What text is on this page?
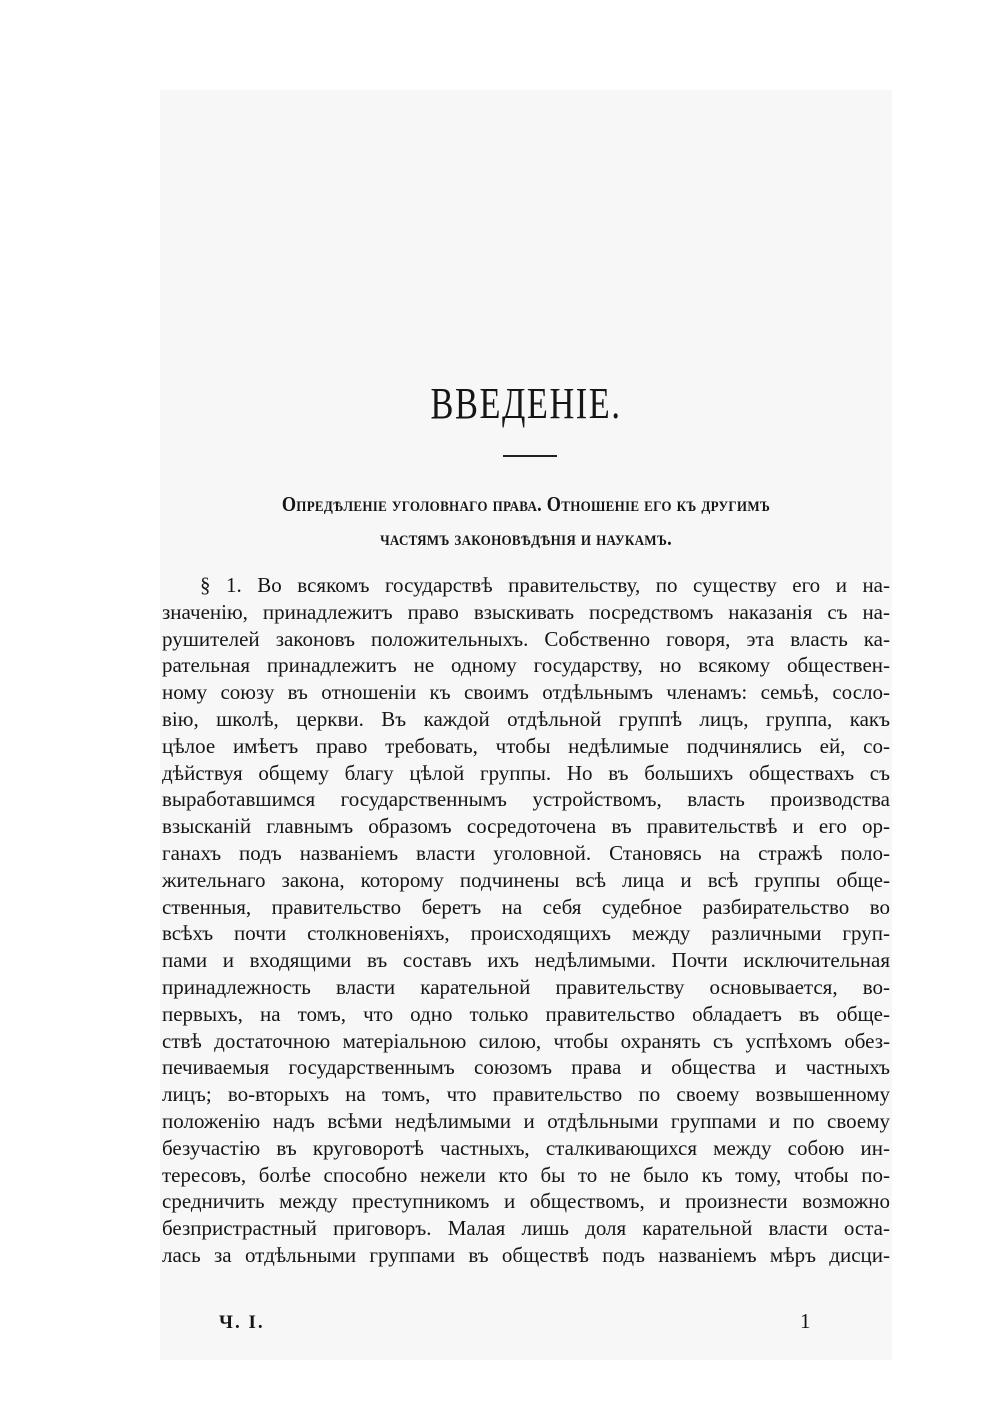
ВВЕДЕНIЕ.
Опредѣленiе уголовнаго права. Отношенiе его къ другимъ
частямъ законовѣдѣнiя и наукамъ.
§ 1. Во всякомъ государствѣ правительству, по существу его и на-
значенiю, принадлежитъ право взыскивать посредствомъ наказанiя съ на-
рушителей законовъ положительныхъ. Собственно говоря, эта власть ка-
рательная принадлежитъ не одному государству, но всякому обществен-
ному союзу въ отношенiи къ своимъ отдѣльнымъ членамъ: семьѣ, сосло-
вiю, школѣ, церкви. Въ каждой отдѣльной группѣ лицъ, группа, какъ
цѣлое имѣетъ право требовать, чтобы недѣлимые подчинялись ей, со-
дѣйствуя общему благу цѣлой группы. Но въ большихъ обществахъ съ
выработавшимся государственнымъ устройствомъ, власть производства
взысканiй главнымъ образомъ сосредоточена въ правительствѣ и его ор-
ганахъ подъ названiемъ власти уголовной. Становясь на стражѣ поло-
жительнаго закона, которому подчинены всѣ лица и всѣ группы обще-
ственныя, правительство беретъ на себя судебное разбирательство во
всѣхъ почти столкновенiяхъ, происходящихъ между различными груп-
пами и входящими въ составъ ихъ недѣлимыми. Почти исключительная
принадлежность власти карательной правительству основывается, во-
первыхъ, на томъ, что одно только правительство обладаетъ въ обще-
ствѣ достаточною матерiальною силою, чтобы охранять съ успѣхомъ обез-
печиваемыя государственнымъ союзомъ права и общества и частныхъ
лицъ; во-вторыхъ на томъ, что правительство по своему возвышенному
положенiю надъ всѣми недѣлимыми и отдѣльными группами и по своему
безучастiю въ круговоротѣ частныхъ, сталкивающихся между собою ин-
тересовъ, болѣе способно нежели кто бы то не было къ тому, чтобы по-
средничить между преступникомъ и обществомъ, и произнести возможно
безпристрастный приговоръ. Малая лишь доля карательной власти оста-
лась за отдѣльными группами въ обществѣ подъ названiемъ мѣръ дисци-
Ч. I.	1
